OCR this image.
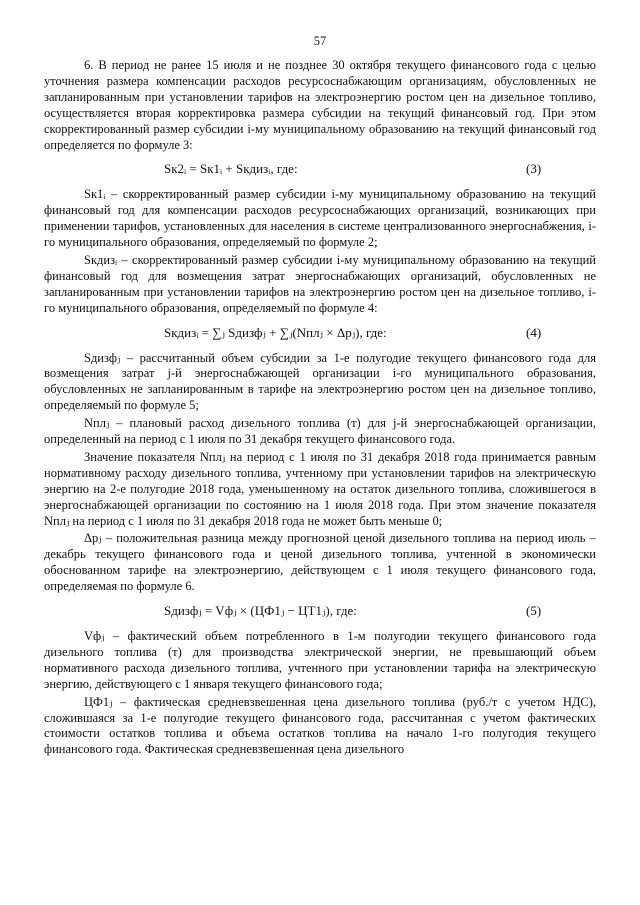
57

6. В период не ранее 15 июля и не позднее 30 октября текущего финансового года с целью уточнения размера компенсации расходов ресурсоснабжающим организациям, обусловленных не запланированным при установлении тарифов на электроэнергию ростом цен на дизельное топливо, осуществляется вторая корректировка размера субсидии на текущий финансовый год. При этом скорректированный размер субсидии i-му муниципальному образованию на текущий финансовый год определяется по формуле 3:

Sк2ᵢ = Sк1ᵢ + Sкдизᵢ, где:	(3)

Sк1ᵢ – скорректированный размер субсидии i-му муниципальному образованию на текущий финансовый год для компенсации расходов ресурсоснабжающих организаций, возникающих при применении тарифов, установленных для населения в системе централизованного энергоснабжения, i-го муниципального образования, определяемый по формуле 2;

Sкдизᵢ – скорректированный размер субсидии i-му муниципальному образованию на текущий финансовый год для возмещения затрат энергоснабжающих организаций, обусловленных не запланированным при установлении тарифов на электроэнергию ростом цен на дизельное топливо, i-го муниципального образования, определяемый по формуле 4:

Sкдизᵢ = ∑ⱼ Sдизфⱼ + ∑ⱼ(Nплⱼ × Δpⱼ), где:	(4)

Sдизфⱼ – рассчитанный объем субсидии за 1-е полугодие текущего финансового года для возмещения затрат j-й энергоснабжающей организации i-го муниципального образования, обусловленных не запланированным в тарифе на электроэнергию ростом цен на дизельное топливо, определяемый по формуле 5;

Nплⱼ – плановый расход дизельного топлива (т) для j-й энергоснабжающей организации, определенный на период с 1 июля по 31 декабря текущего финансового года.

Значение показателя Nплⱼ на период с 1 июля по 31 декабря 2018 года принимается равным нормативному расходу дизельного топлива, учтенному при установлении тарифов на электрическую энергию на 2-е полугодие 2018 года, уменьшенному на остаток дизельного топлива, сложившегося в энергоснабжающей организации по состоянию на 1 июля 2018 года. При этом значение показателя Nплⱼ на период с 1 июля по 31 декабря 2018 года не может быть меньше 0;

Δpⱼ – положительная разница между прогнозной ценой дизельного топлива на период июль – декабрь текущего финансового года и ценой дизельного топлива, учтенной в экономически обоснованном тарифе на электроэнергию, действующем с 1 июля текущего финансового года, определяемая по формуле 6.

Sдизфⱼ = Vфⱼ × (ЦФ1ⱼ − ЦТ1ⱼ), где:	(5)

Vфⱼ – фактический объем потребленного в 1-м полугодии текущего финансового года дизельного топлива (т) для производства электрической энергии, не превышающий объем нормативного расхода дизельного топлива, учтенного при установлении тарифа на электрическую энергию, действующего с 1 января текущего финансового года;

ЦФ1ⱼ – фактическая средневзвешенная цена дизельного топлива (руб./т с учетом НДС), сложившаяся за 1-е полугодие текущего финансового года, рассчитанная с учетом фактических стоимости остатков топлива и объема остатков топлива на начало 1-го полугодия текущего финансового года. Фактическая средневзвешенная цена дизельного
